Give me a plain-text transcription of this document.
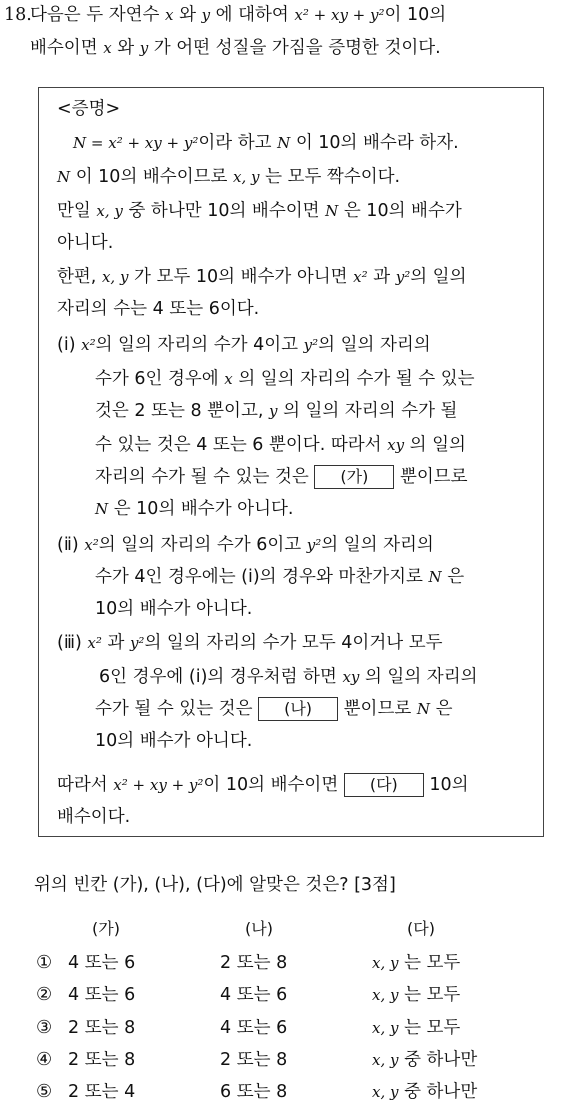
18.
다음은 두 자연수 x 와 y 에 대하여 x² + xy + y²이 10의
배수이면 x 와 y 가 어떤 성질을 가짐을 증명한 것이다.
<증명>
N = x² + xy + y²이라 하고 N 이 10의 배수라 하자.
N 이 10의 배수이므로 x, y 는 모두 짝수이다.
만일 x, y 중 하나만 10의 배수이면 N 은 10의 배수가
아니다.
한편, x, y 가 모두 10의 배수가 아니면 x² 과 y²의 일의
자리의 수는 4 또는 6이다.
(ⅰ) x²의 일의 자리의 수가 4이고 y²의 일의 자리의
수가 6인 경우에 x 의 일의 자리의 수가 될 수 있는
것은 2 또는 8 뿐이고, y 의 일의 자리의 수가 될
수 있는 것은 4 또는 6 뿐이다. 따라서 xy 의 일의
자리의 수가 될 수 있는 것은 (가) 뿐이므로
N 은 10의 배수가 아니다.
(ⅱ) x²의 일의 자리의 수가 6이고 y²의 일의 자리의
수가 4인 경우에는 (ⅰ)의 경우와 마찬가지로 N 은
10의 배수가 아니다.
(ⅲ) x² 과 y²의 일의 자리의 수가 모두 4이거나 모두
6인 경우에 (ⅰ)의 경우처럼 하면 xy 의 일의 자리의
수가 될 수 있는 것은 (나) 뿐이므로 N 은
10의 배수가 아니다.
따라서 x² + xy + y²이 10의 배수이면 (다) 10의
배수이다.
위의 빈칸 (가), (나), (다)에 알맞은 것은? [3점]
(가)	(나)	(다)
① 4 또는 6	2 또는 8	x, y 는 모두
② 4 또는 6	4 또는 6	x, y 는 모두
③ 2 또는 8	4 또는 6	x, y 는 모두
④ 2 또는 8	2 또는 8	x, y 중 하나만
⑤ 2 또는 4	6 또는 8	x, y 중 하나만
